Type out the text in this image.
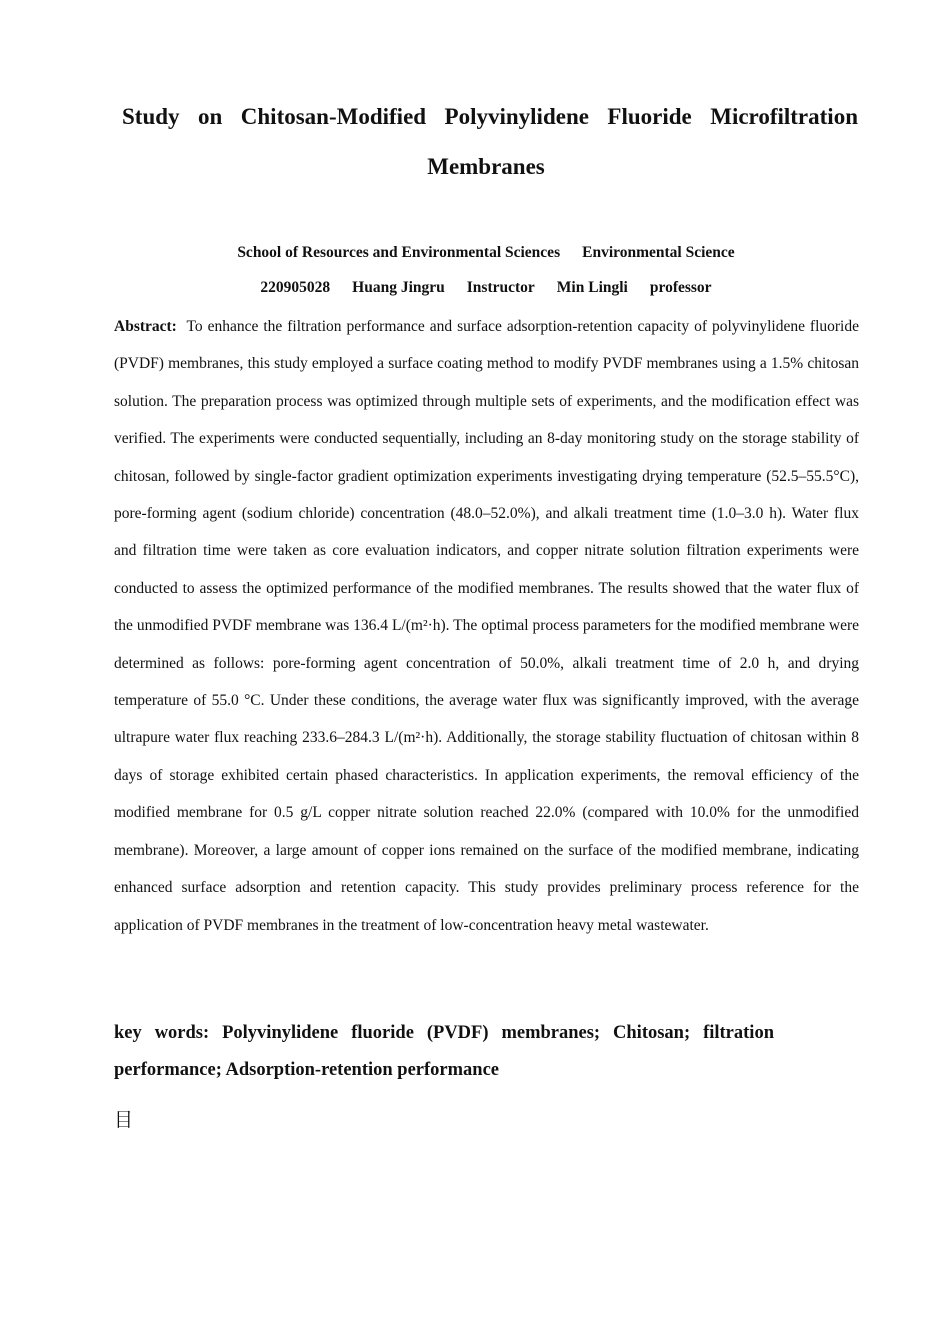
Study on Chitosan-Modified Polyvinylidene Fluoride Microfiltration
Membranes

School of Resources and Environmental Sciences Environmental Science

220905028 Huang Jingru Instructor Min Lingli professor

Abstract: To enhance the filtration performance and surface adsorption-retention capacity of polyvinylidene fluoride (PVDF) membranes, this study employed a surface coating method to modify PVDF membranes using a 1.5% chitosan solution. The preparation process was optimized through multiple sets of experiments, and the modification effect was verified. The experiments were conducted sequentially, including an 8-day monitoring study on the storage stability of chitosan, followed by single-factor gradient optimization experiments investigating drying temperature (52.5–55.5°C), pore-forming agent (sodium chloride) concentration (48.0–52.0%), and alkali treatment time (1.0–3.0 h). Water flux and filtration time were taken as core evaluation indicators, and copper nitrate solution filtration experiments were conducted to assess the optimized performance of the modified membranes. The results showed that the water flux of the unmodified PVDF membrane was 136.4 L/(m²·h). The optimal process parameters for the modified membrane were determined as follows: pore-forming agent concentration of 50.0%, alkali treatment time of 2.0 h, and drying temperature of 55.0 °C. Under these conditions, the average water flux was significantly improved, with the average ultrapure water flux reaching 233.6–284.3 L/(m²·h). Additionally, the storage stability fluctuation of chitosan within 8 days of storage exhibited certain phased characteristics. In application experiments, the removal efficiency of the modified membrane for 0.5 g/L copper nitrate solution reached 22.0% (compared with 10.0% for the unmodified membrane). Moreover, a large amount of copper ions remained on the surface of the modified membrane, indicating enhanced surface adsorption and retention capacity. This study provides preliminary process reference for the application of PVDF membranes in the treatment of low-concentration heavy metal wastewater.

key words: Polyvinylidene fluoride (PVDF) membranes; Chitosan; filtration performance; Adsorption-retention performance

目
